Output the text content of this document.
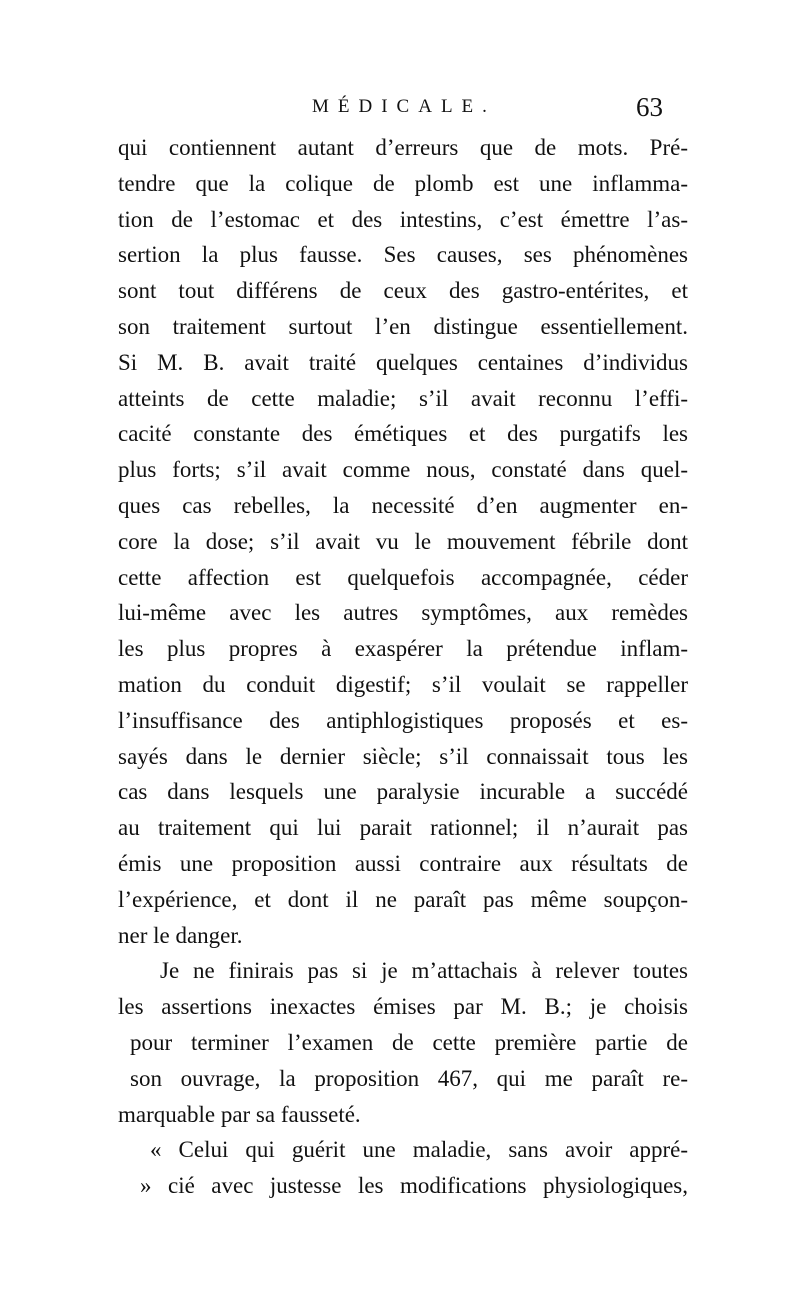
MÉDICALE.	63
qui contiennent autant d’erreurs que de mots. Pré-
tendre que la colique de plomb est une inflamma-
tion de l’estomac et des intestins, c’est émettre l’as-
sertion la plus fausse. Ses causes, ses phénomènes
sont tout différens de ceux des gastro-entérites, et
son traitement surtout l’en distingue essentiellement.
Si M. B. avait traité quelques centaines d’individus
atteints de cette maladie; s’il avait reconnu l’effi-
cacité constante des émétiques et des purgatifs les
plus forts; s’il avait comme nous, constaté dans quel-
ques cas rebelles, la necessité d’en augmenter en-
core la dose; s’il avait vu le mouvement fébrile dont
cette affection est quelquefois accompagnée, céder
lui-même avec les autres symptômes, aux remèdes
les plus propres à exaspérer la prétendue inflam-
mation du conduit digestif; s’il voulait se rappeller
l’insuffisance des antiphlogistiques proposés et es-
sayés dans le dernier siècle; s’il connaissait tous les
cas dans lesquels une paralysie incurable a succédé
au traitement qui lui parait rationnel; il n’aurait pas
émis une proposition aussi contraire aux résultats de
l’expérience, et dont il ne paraît pas même soupçon-
ner le danger.
Je ne finirais pas si je m’attachais à relever toutes
les assertions inexactes émises par M. B.; je choisis
pour terminer l’examen de cette première partie de
son ouvrage, la proposition 467, qui me paraît re-
marquable par sa fausseté.
« Celui qui guérit une maladie, sans avoir appré-
» cié avec justesse les modifications physiologiques,
